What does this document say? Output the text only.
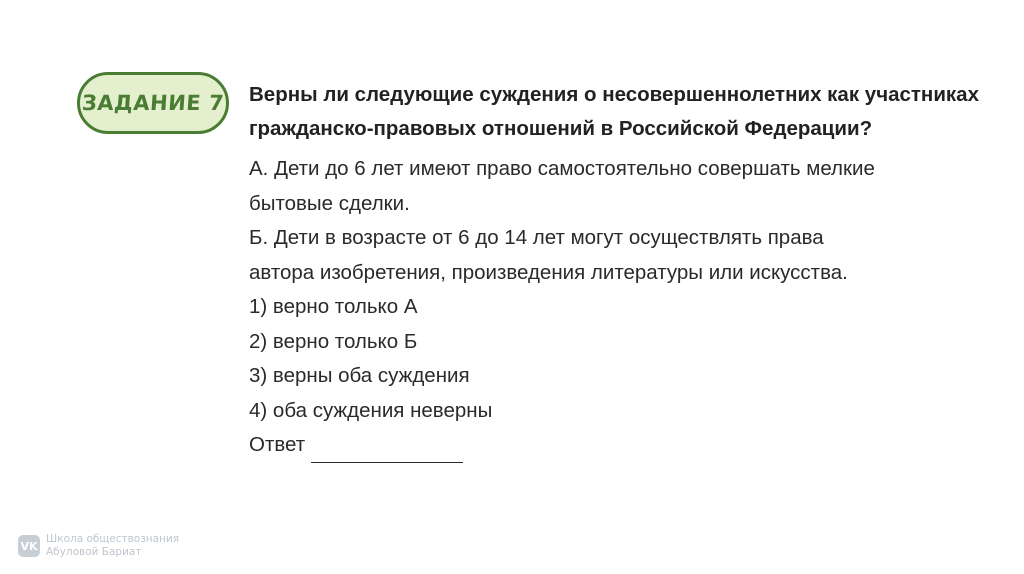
ЗАДАНИЕ 7 Верны ли следующие суждения о несовершеннолетних как участниках гражданско-правовых отношений в Российской Федерации?

А. Дети до 6 лет имеют право самостоятельно совершать мелкие

бытовые сделки.

Б. Дети в возрасте от 6 до 14 лет могут осуществлять права

автора изобретения, произведения литературы или искусства.

1) верно только А

2) верно только Б

3) верны оба суждения

4) оба суждения неверны

Ответ
VK
Школа обществознания
Абуловой Бариат
